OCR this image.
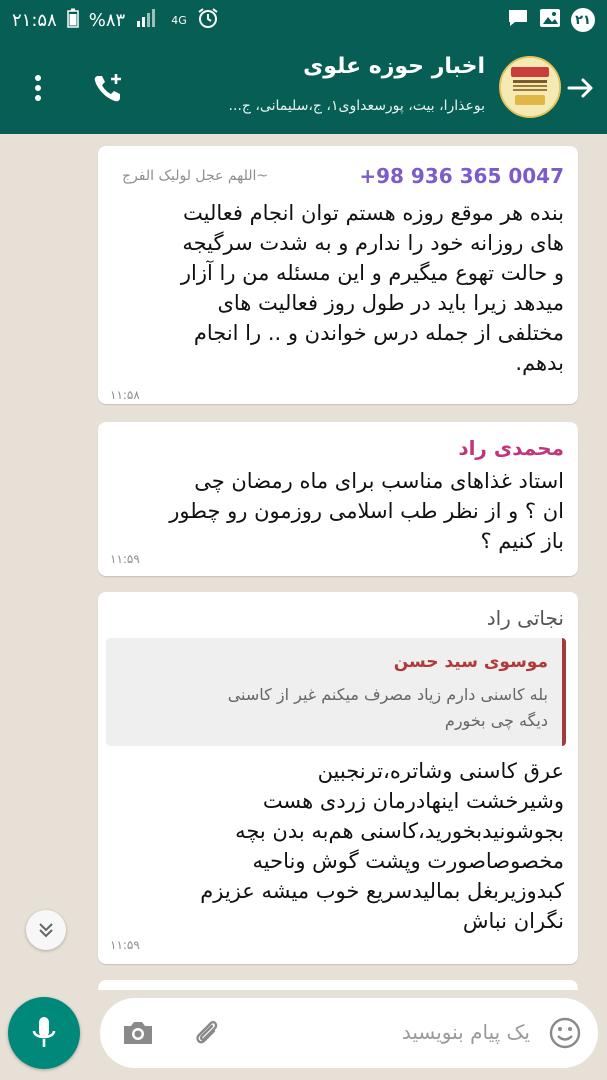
۲۱:۵۸ %۸۳	4G	۲۱
اخبار حوزه علوی
بوعذارا، بیت، پورسعداوی۱، ج،سلیمانی، ج...
+98 936 365 0047
~اللهم عجل لولیک الفرج
بنده هر موقع روزه هستم توان انجام فعالیت
های روزانه خود را ندارم و به شدت سرگیجه
و حالت تهوع میگیرم و این مسئله من را آزار
میدهد زیرا باید در طول روز فعالیت های
مختلفی از جمله درس خواندن و .. را انجام
بدهم.
۱۱:۵۸
محمدی راد
استاد غذاهای مناسب برای ماه رمضان چی
ان ؟ و از نظر طب اسلامی روزمون رو چطور
باز کنیم ؟
۱۱:۵۹
نجاتی راد
موسوی سید حسن
بله کاسنی دارم زیاد مصرف میکنم غیر از کاسنی
دیگه چی بخورم
عرق کاسنی وشاتره،ترنجبین
وشیرخشت اینهادرمان زردی هست
بجوشونیدبخورید،کاسنی هم‌به بدن بچه
مخصوصاصورت وپشت گوش وناحیه
کبدوزیربغل بمالیدسریع خوب میشه عزیزم
نگران نباش
۱۱:۵۹
یک پیام بنویسید
